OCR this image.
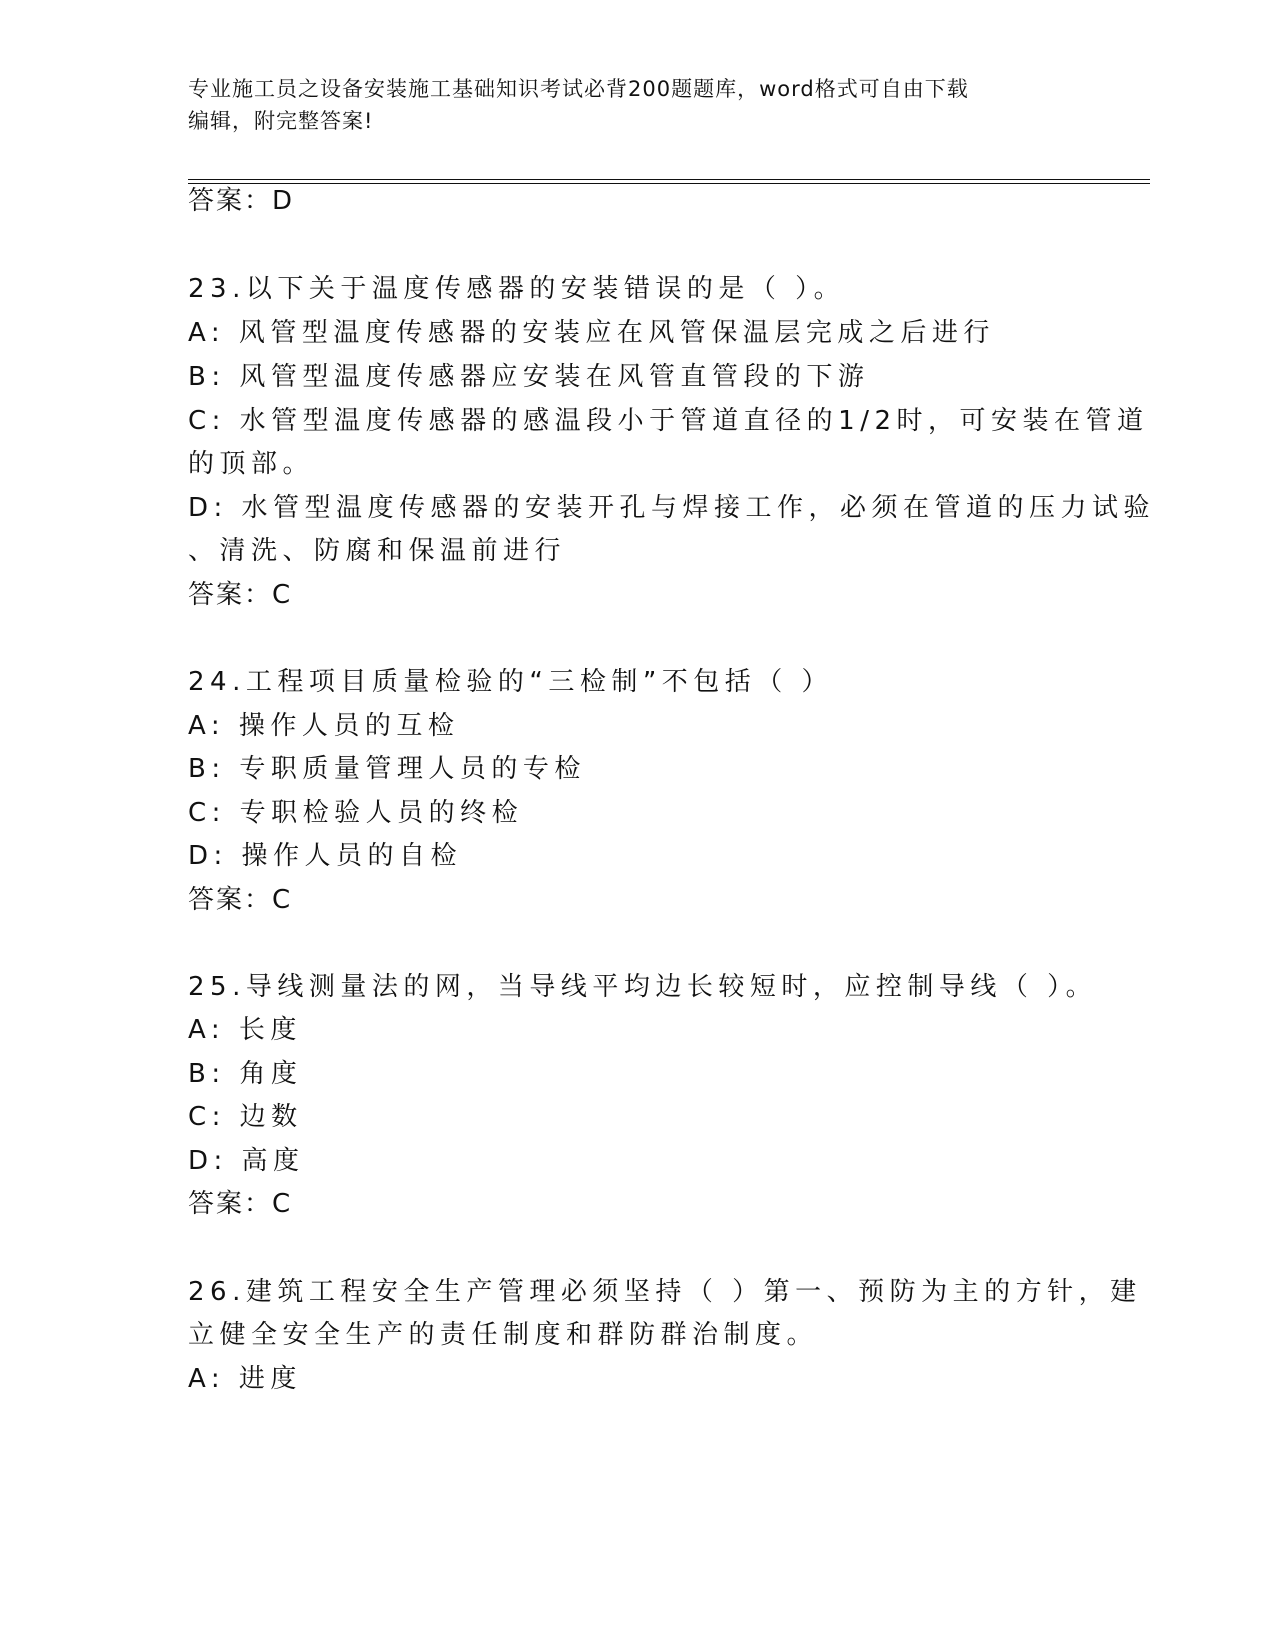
专业施工员之设备安装施工基础知识考试必背200题题库，word格式可自由下载
编辑，附完整答案!
答案：D
23.以下关于温度传感器的安装错误的是（ ）。
A: 风管型温度传感器的安装应在风管保温层完成之后进行
B: 风管型温度传感器应安装在风管直管段的下游
C: 水管型温度传感器的感温段小于管道直径的1/2时，可安装在管道
的顶部。
D: 水管型温度传感器的安装开孔与焊接工作，必须在管道的压力试验
、清洗、防腐和保温前进行
答案：C
24.工程项目质量检验的“三检制”不包括（ ）
A: 操作人员的互检
B: 专职质量管理人员的专检
C: 专职检验人员的终检
D: 操作人员的自检
答案：C
25.导线测量法的网，当导线平均边长较短时，应控制导线（ ）。
A: 长度
B: 角度
C: 边数
D: 高度
答案：C
26.建筑工程安全生产管理必须坚持（ ）第一、预防为主的方针，建
立健全安全生产的责任制度和群防群治制度。
A: 进度
